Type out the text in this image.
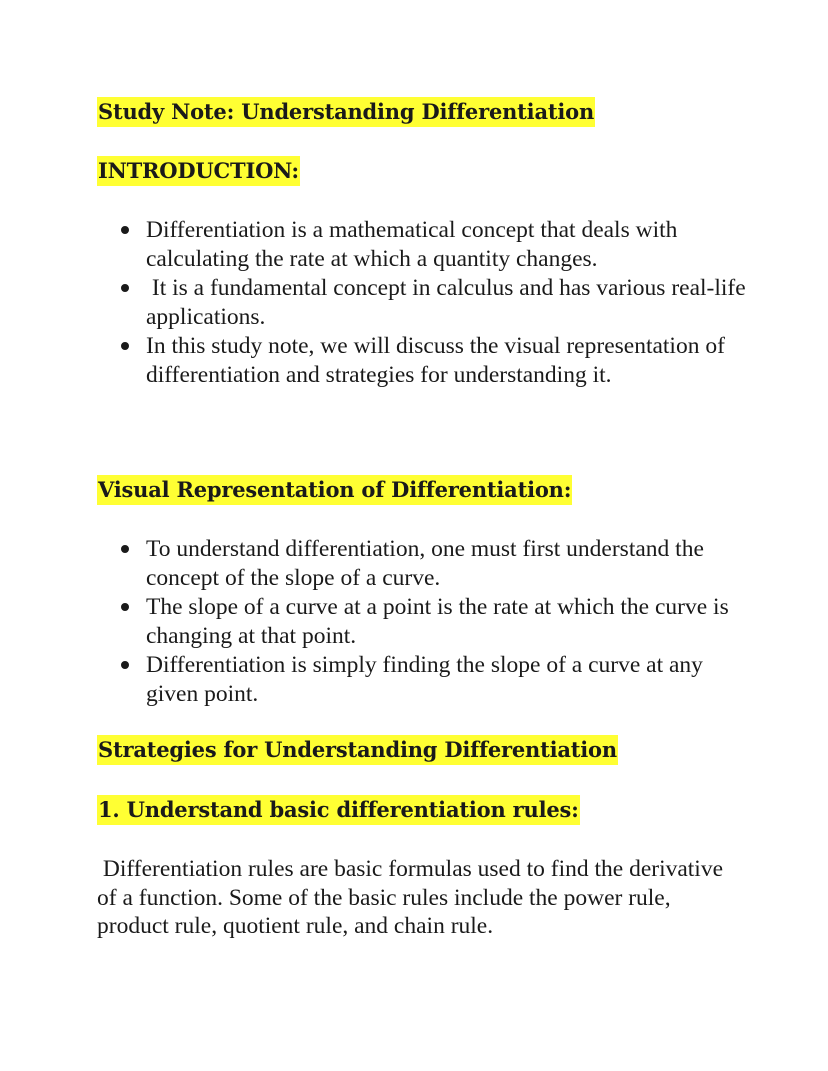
Study Note: Understanding Differentiation
INTRODUCTION:
Differentiation is a mathematical concept that deals with calculating the rate at which a quantity changes.
It is a fundamental concept in calculus and has various real-life applications.
In this study note, we will discuss the visual representation of differentiation and strategies for understanding it.
Visual Representation of Differentiation:
To understand differentiation, one must first understand the concept of the slope of a curve.
The slope of a curve at a point is the rate at which the curve is changing at that point.
Differentiation is simply finding the slope of a curve at any given point.
Strategies for Understanding Differentiation
1. Understand basic differentiation rules:

Differentiation rules are basic formulas used to find the derivative of a function. Some of the basic rules include the power rule, product rule, quotient rule, and chain rule.
